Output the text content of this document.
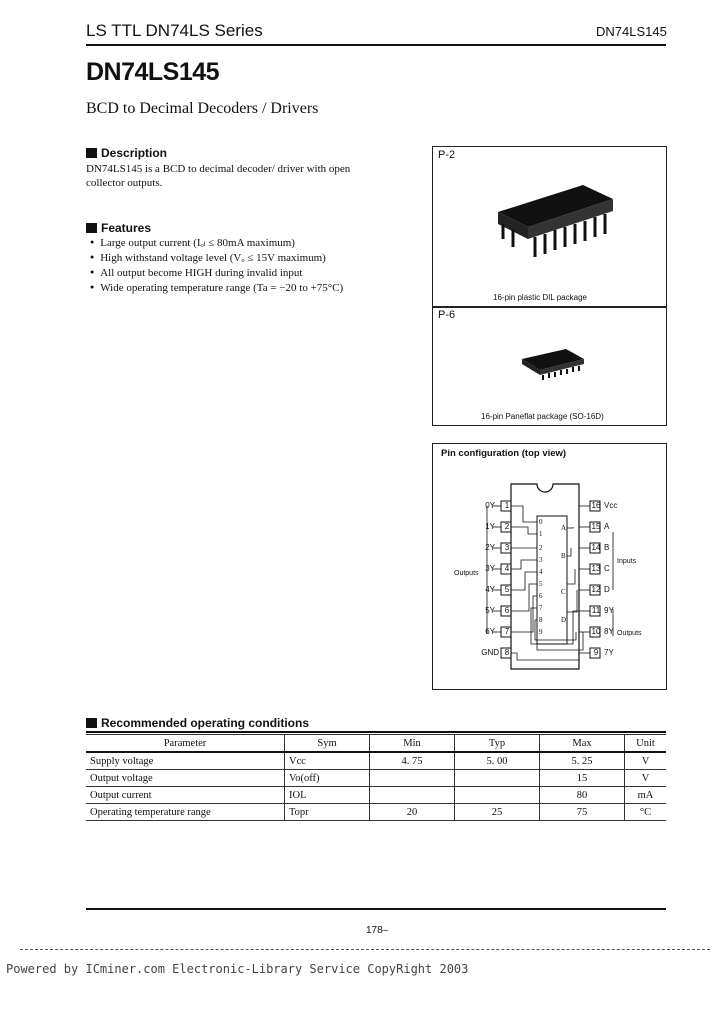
LS TTL DN74LS Series	DN74LS145
DN74LS145
BCD to Decimal Decoders / Drivers
Description
DN74LS145 is a BCD to decimal decoder/ driver with open collector outputs.
Features
● Large output current (Iₒₗ ≤ 80mA maximum)
● High withstand voltage level (Vₒ ≤ 15V maximum)
● All output become HIGH during invalid input
● Wide operating temperature range (Ta = −20 to +75°C)
P-2
16-pin plastic DIL package
P-6
16-pin Paneflat package (SO-16D)
Pin configuration (top view)
0
1
2
3
4
5
6
7
8
9
A
B
C
D
0Y
1Y
2Y
3Y
4Y
5Y
6Y
GND
1
2
3
4
5
6
7
8
16
15
14
13
12
11
10
9
Vcc
A
B
C
D
9Y
8Y
7Y
Outputs
Inputs
Outputs
Recommended operating conditions
Parameter	Sym	Min	Typ	Max	Unit
Supply voltage	Vcc	4. 75	5. 00	5. 25	V
Output voltage	Vo(off)			15	V
Output current	IOL			80	mA
Operating temperature range	Topr	20	25	75	°C
178–
Powered by ICminer.com Electronic-Library Service CopyRight 2003
